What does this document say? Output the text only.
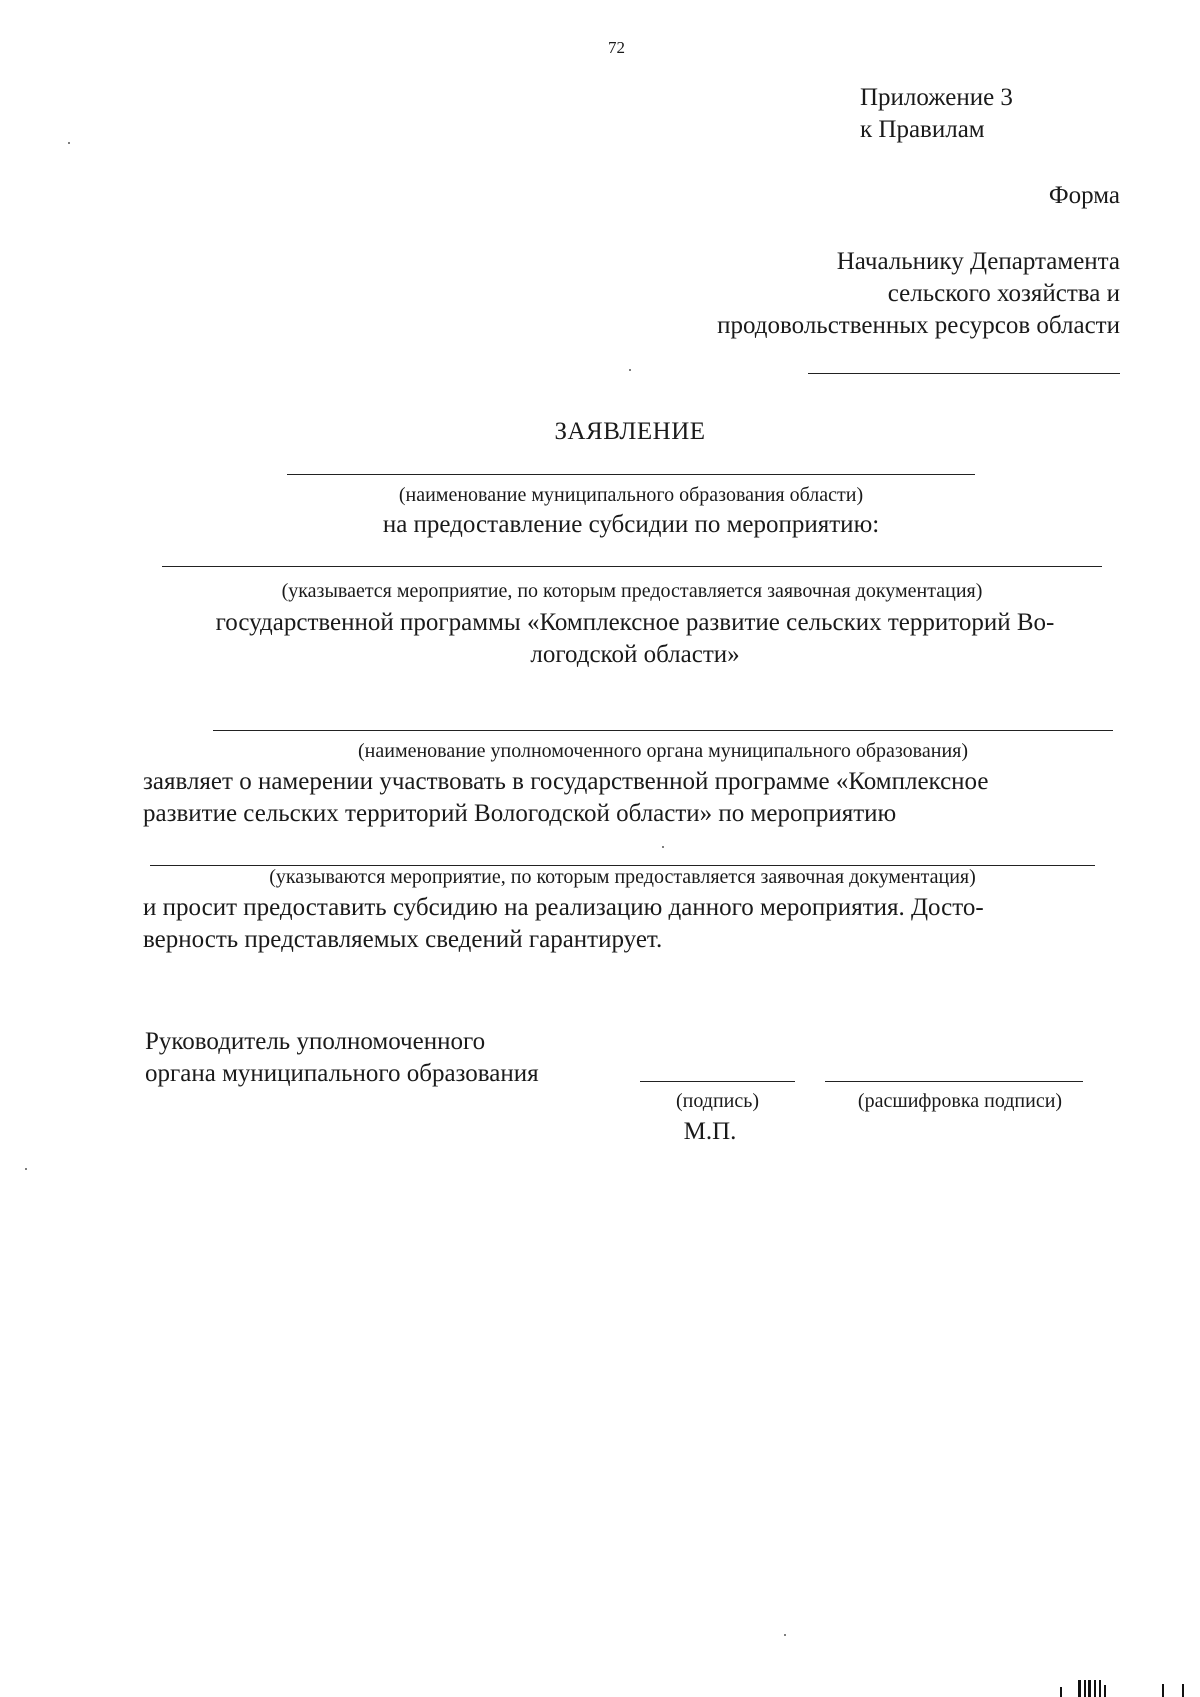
72
Приложение 3
к Правилам
Форма
Начальнику Департамента
сельского хозяйства и
продовольственных ресурсов области
ЗАЯВЛЕНИЕ
(наименование муниципального образования области)
на предоставление субсидии по мероприятию:
(указывается мероприятие, по которым предоставляется заявочная документация)
государственной программы «Комплексное развитие сельских территорий Во-
логодской области»
(наименование уполномоченного органа муниципального образования)
заявляет о намерении участвовать в государственной программе «Комплексное
развитие сельских территорий Вологодской области» по мероприятию
(указываются мероприятие, по которым предоставляется заявочная документация)
и просит предоставить субсидию на реализацию данного мероприятия. Досто-
верность представляемых сведений гарантирует.
Руководитель уполномоченного
органа муниципального образования
(подпись)	(расшифровка подписи)
М.П.
